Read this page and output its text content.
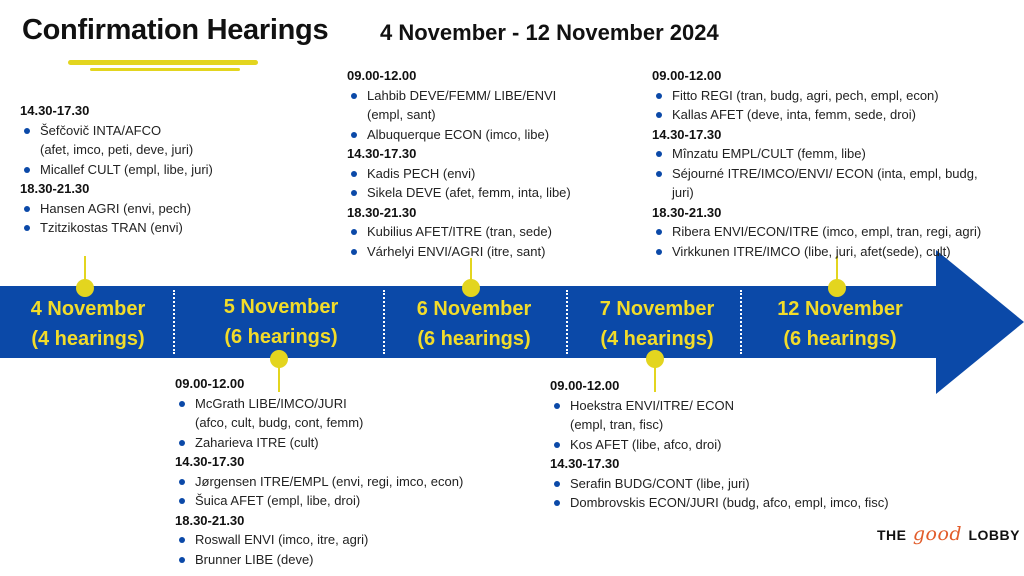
Confirmation Hearings 4 November - 12 November 2024
4 November
(4 hearings)
5 November
(6 hearings)
6 November
(6 hearings)
7 November
(4 hearings)
12 November
(6 hearings)
14.30-17.30
Šefčovič INTA/AFCO
(afet, imco, peti, deve, juri)
Micallef CULT (empl, libe, juri)
18.30-21.30
Hansen AGRI (envi, pech)
Tzitzikostas TRAN (envi)
09.00-12.00
Lahbib DEVE/FEMM/ LIBE/ENVI
(empl, sant)
Albuquerque ECON (imco, libe)
14.30-17.30
Kadis PECH (envi)
Sikela DEVE (afet, femm, inta, libe)
18.30-21.30
Kubilius AFET/ITRE (tran, sede)
Várhelyi ENVI/AGRI (itre, sant)
09.00-12.00
Fitto REGI (tran, budg, agri, pech, empl, econ)
Kallas AFET (deve, inta, femm, sede, droi)
14.30-17.30
Mînzatu EMPL/CULT (femm, libe)
Séjourné ITRE/IMCO/ENVI/ ECON (inta, empl, budg,
juri)
18.30-21.30
Ribera ENVI/ECON/ITRE (imco, empl, tran, regi, agri)
Virkkunen ITRE/IMCO (libe, juri, afet(sede), cult)
09.00-12.00
McGrath LIBE/IMCO/JURI
(afco, cult, budg, cont, femm)
Zaharieva ITRE (cult)
14.30-17.30
Jørgensen ITRE/EMPL (envi, regi, imco, econ)
Šuica AFET (empl, libe, droi)
18.30-21.30
Roswall ENVI (imco, itre, agri)
Brunner LIBE (deve)
09.00-12.00
Hoekstra ENVI/ITRE/ ECON
(empl, tran, fisc)
Kos AFET (libe, afco, droi)
14.30-17.30
Serafin BUDG/CONT (libe, juri)
Dombrovskis ECON/JURI (budg, afco, empl, imco, fisc)
THE good LOBBY
